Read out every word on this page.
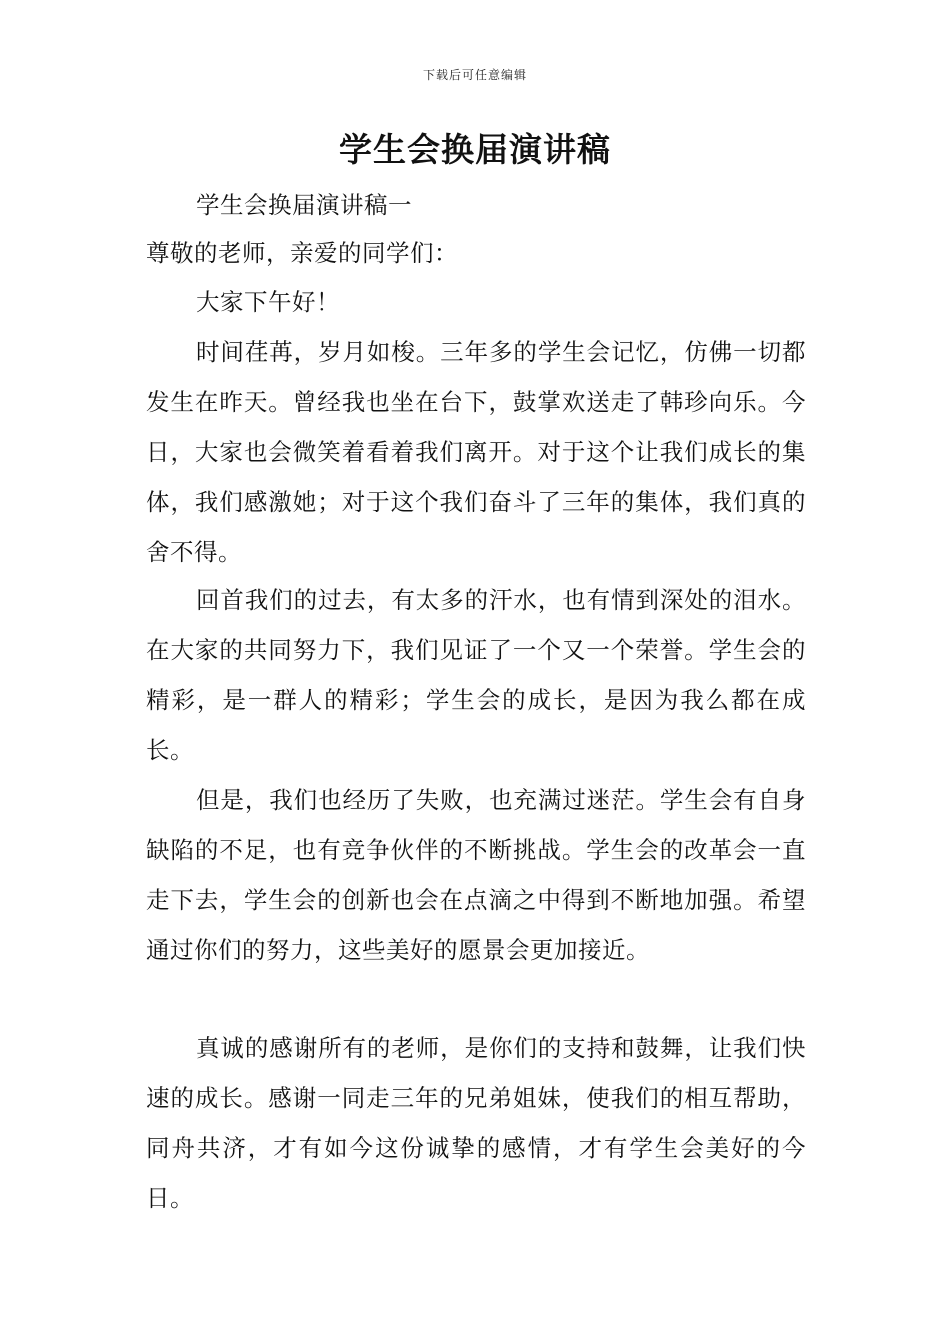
下载后可任意编辑
学生会换届演讲稿

学生会换届演讲稿一

尊敬的老师，亲爱的同学们：

大家下午好！

时间荏苒，岁月如梭。三年多的学生会记忆，仿佛一切都发生在昨天。曾经我也坐在台下，鼓掌欢送走了韩珍向乐。今日，大家也会微笑着看着我们离开。对于这个让我们成长的集体，我们感激她；对于这个我们奋斗了三年的集体，我们真的舍不得。

回首我们的过去，有太多的汗水，也有情到深处的泪水。在大家的共同努力下，我们见证了一个又一个荣誉。学生会的精彩，是一群人的精彩；学生会的成长，是因为我么都在成长。

但是，我们也经历了失败，也充满过迷茫。学生会有自身缺陷的不足，也有竞争伙伴的不断挑战。学生会的改革会一直走下去，学生会的创新也会在点滴之中得到不断地加强。希望通过你们的努力，这些美好的愿景会更加接近。

真诚的感谢所有的老师，是你们的支持和鼓舞，让我们快速的成长。感谢一同走三年的兄弟姐妹，使我们的相互帮助，同舟共济，才有如今这份诚挚的感情，才有学生会美好的今日。
